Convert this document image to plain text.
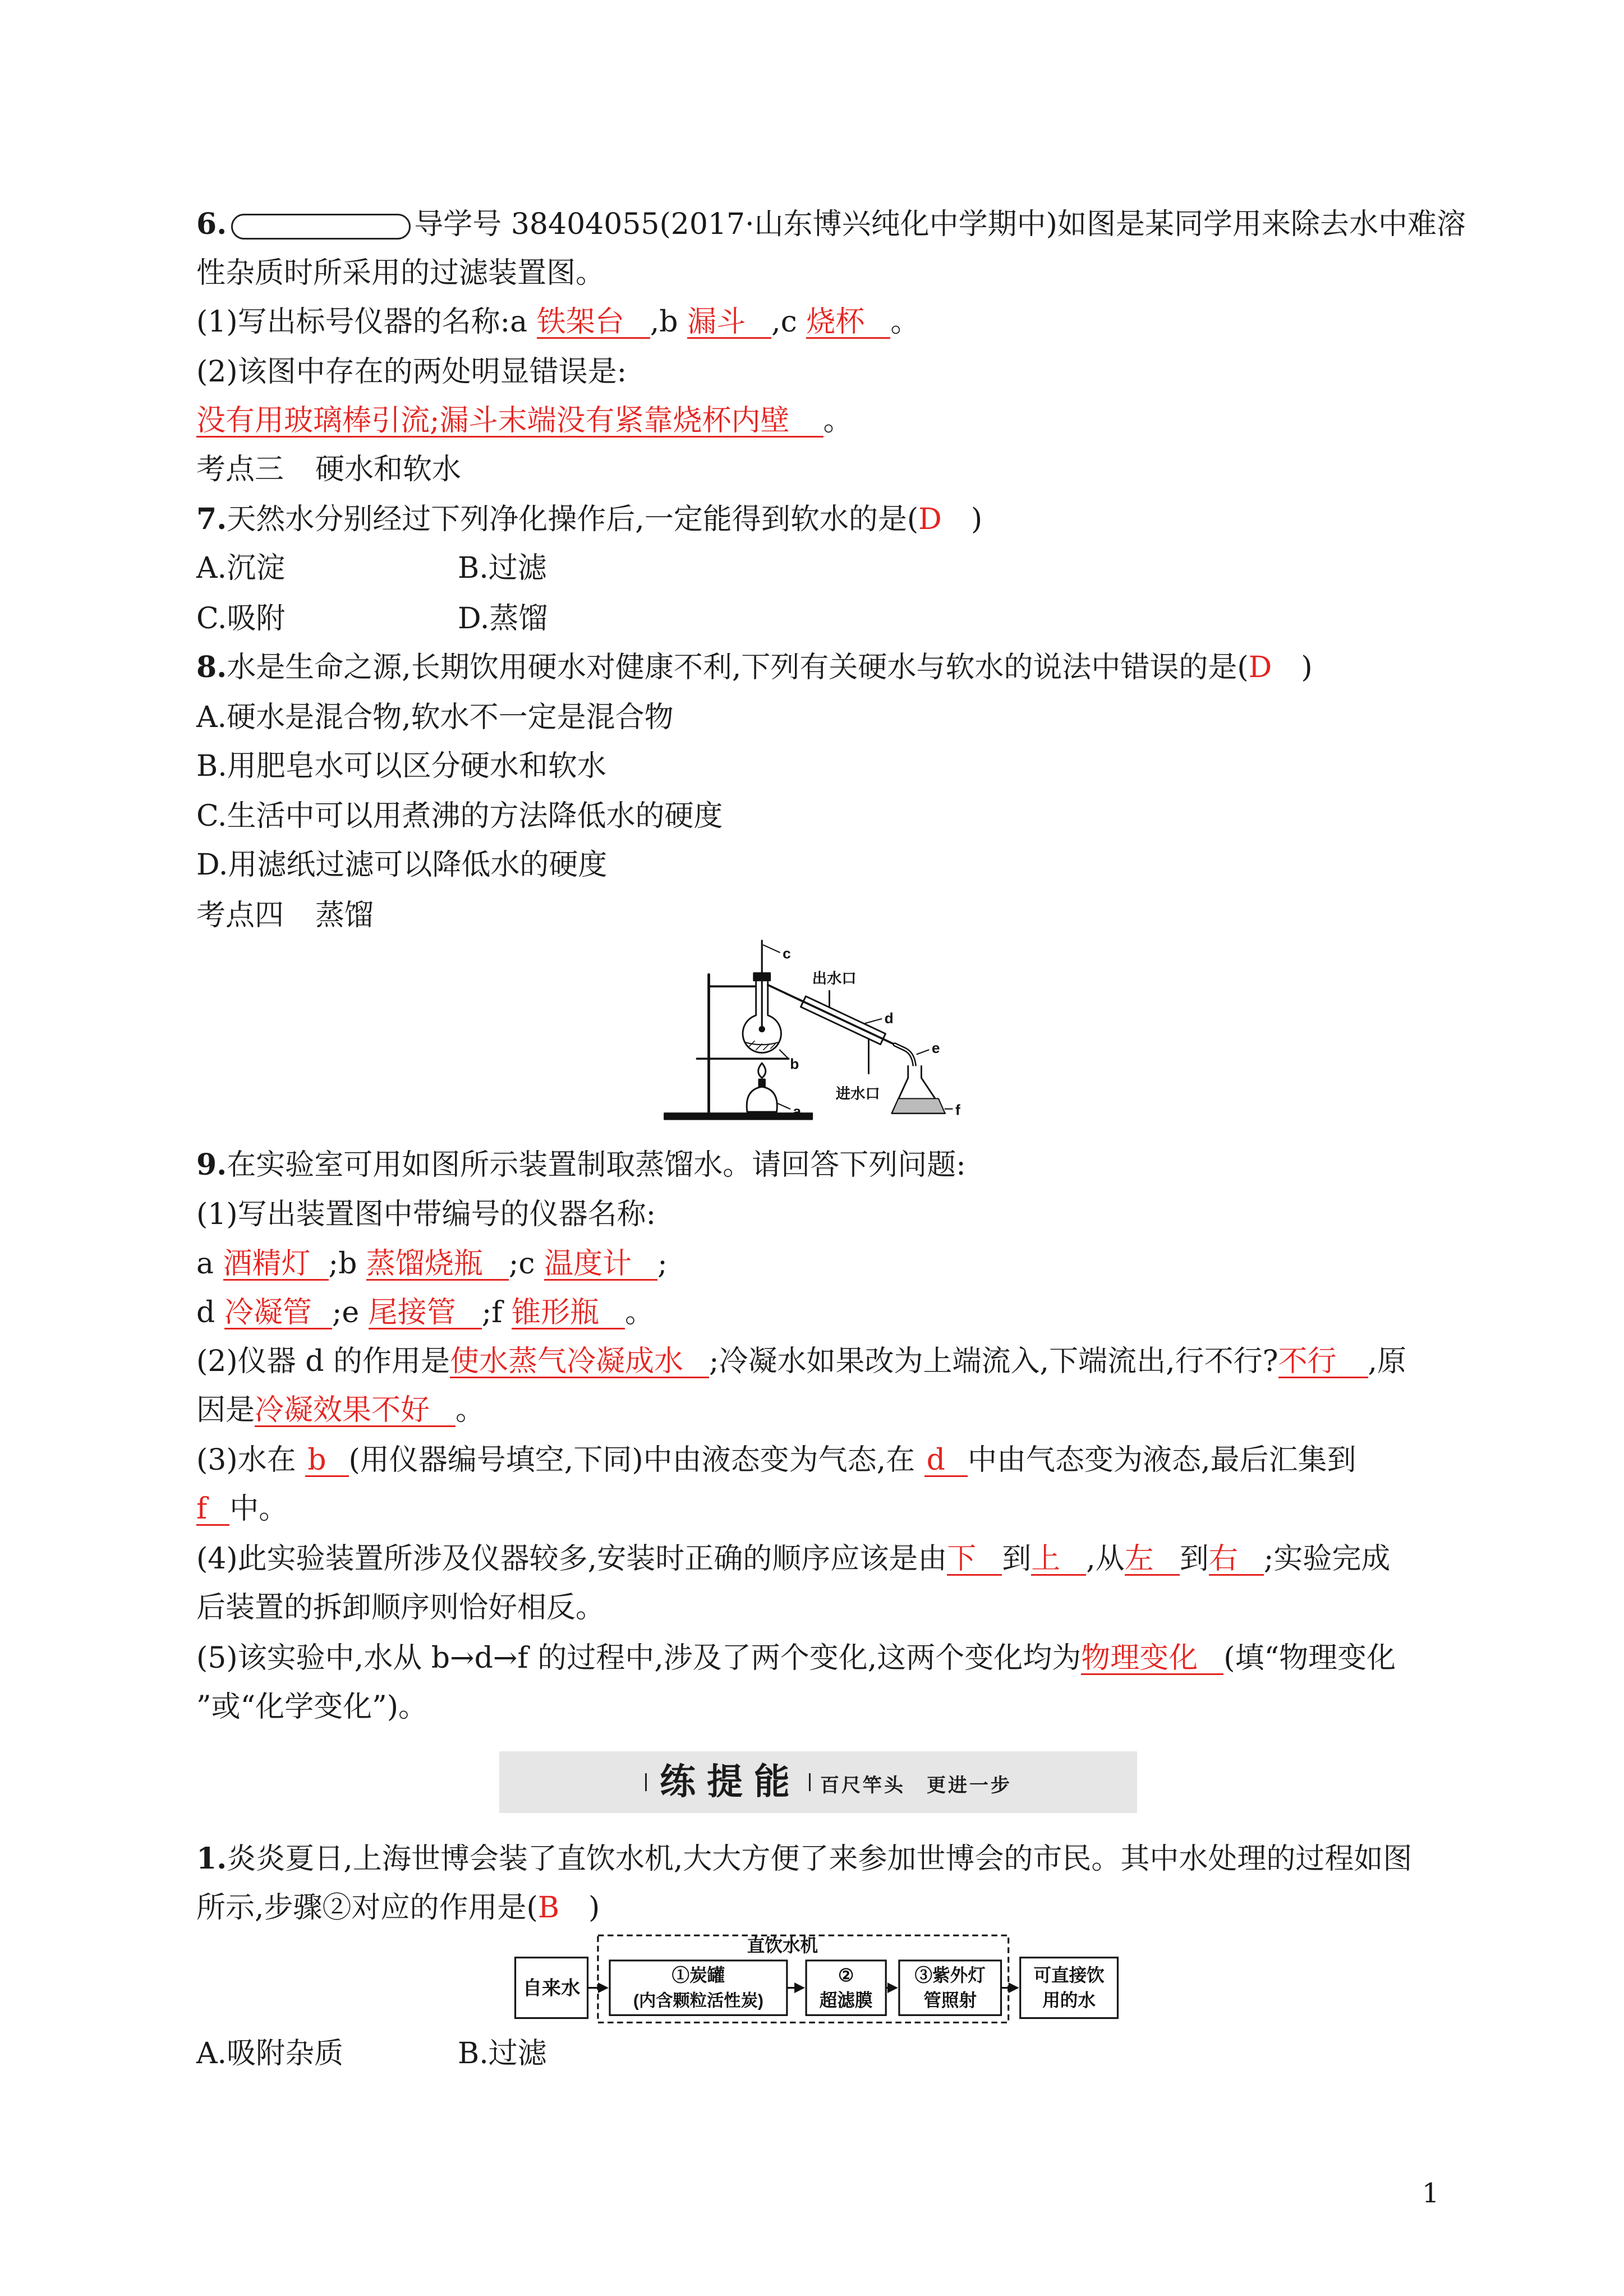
6.	导学号 38404055(2017·山东博兴纯化中学期中)如图是某同学用来除去水中难溶
性杂质时所采用的过滤装置图。
(1)写出标号仪器的名称:a 铁架台 ,b 漏斗 ,c 烧杯 。
(2)该图中存在的两处明显错误是:
没有用玻璃棒引流;漏斗末端没有紧靠烧杯内壁 。
考点三 硬水和软水
7.天然水分别经过下列净化操作后,一定能得到软水的是(D　)
A.沉淀	B.过滤
C.吸附	D.蒸馏
8.水是生命之源,长期饮用硬水对健康不利,下列有关硬水与软水的说法中错误的是(D　)
A.硬水是混合物,软水不一定是混合物
B.用肥皂水可以区分硬水和软水
C.生活中可以用煮沸的方法降低水的硬度
D.用滤纸过滤可以降低水的硬度
考点四 蒸馏
c
出水口
d
b
e
进水口
a	f
9.在实验室可用如图所示装置制取蒸馏水。请回答下列问题:
(1)写出装置图中带编号的仪器名称:
a 酒精灯 ;b 蒸馏烧瓶 ;c 温度计 ;
d 冷凝管 ;e 尾接管 ;f 锥形瓶 。
(2)仪器 d 的作用是使水蒸气冷凝成水 ;冷凝水如果改为上端流入,下端流出,行不行?不行 ,原
因是冷凝效果不好 。
(3)水在 b (用仪器编号填空,下同)中由液态变为气态,在 d 中由气态变为液态,最后汇集到
f 中。
(4)此实验装置所涉及仪器较多,安装时正确的顺序应该是由下 到上 ,从左 到右 ;实验完成
后装置的拆卸顺序则恰好相反。
(5)该实验中,水从 b→d→f 的过程中,涉及了两个变化,这两个变化均为物理变化 (填“物理变化
”或“化学变化”)。
练提能 百尺竿头　更进一步
1.炎炎夏日,上海世博会装了直饮水机,大大方便了来参加世博会的市民。其中水处理的过程如图
所示,步骤②对应的作用是(B　)
自来水
直饮水机
①炭罐
(内含颗粒活性炭)
②
超滤膜
③紫外灯
管照射
可直接饮
用的水
A.吸附杂质	B.过滤
1
